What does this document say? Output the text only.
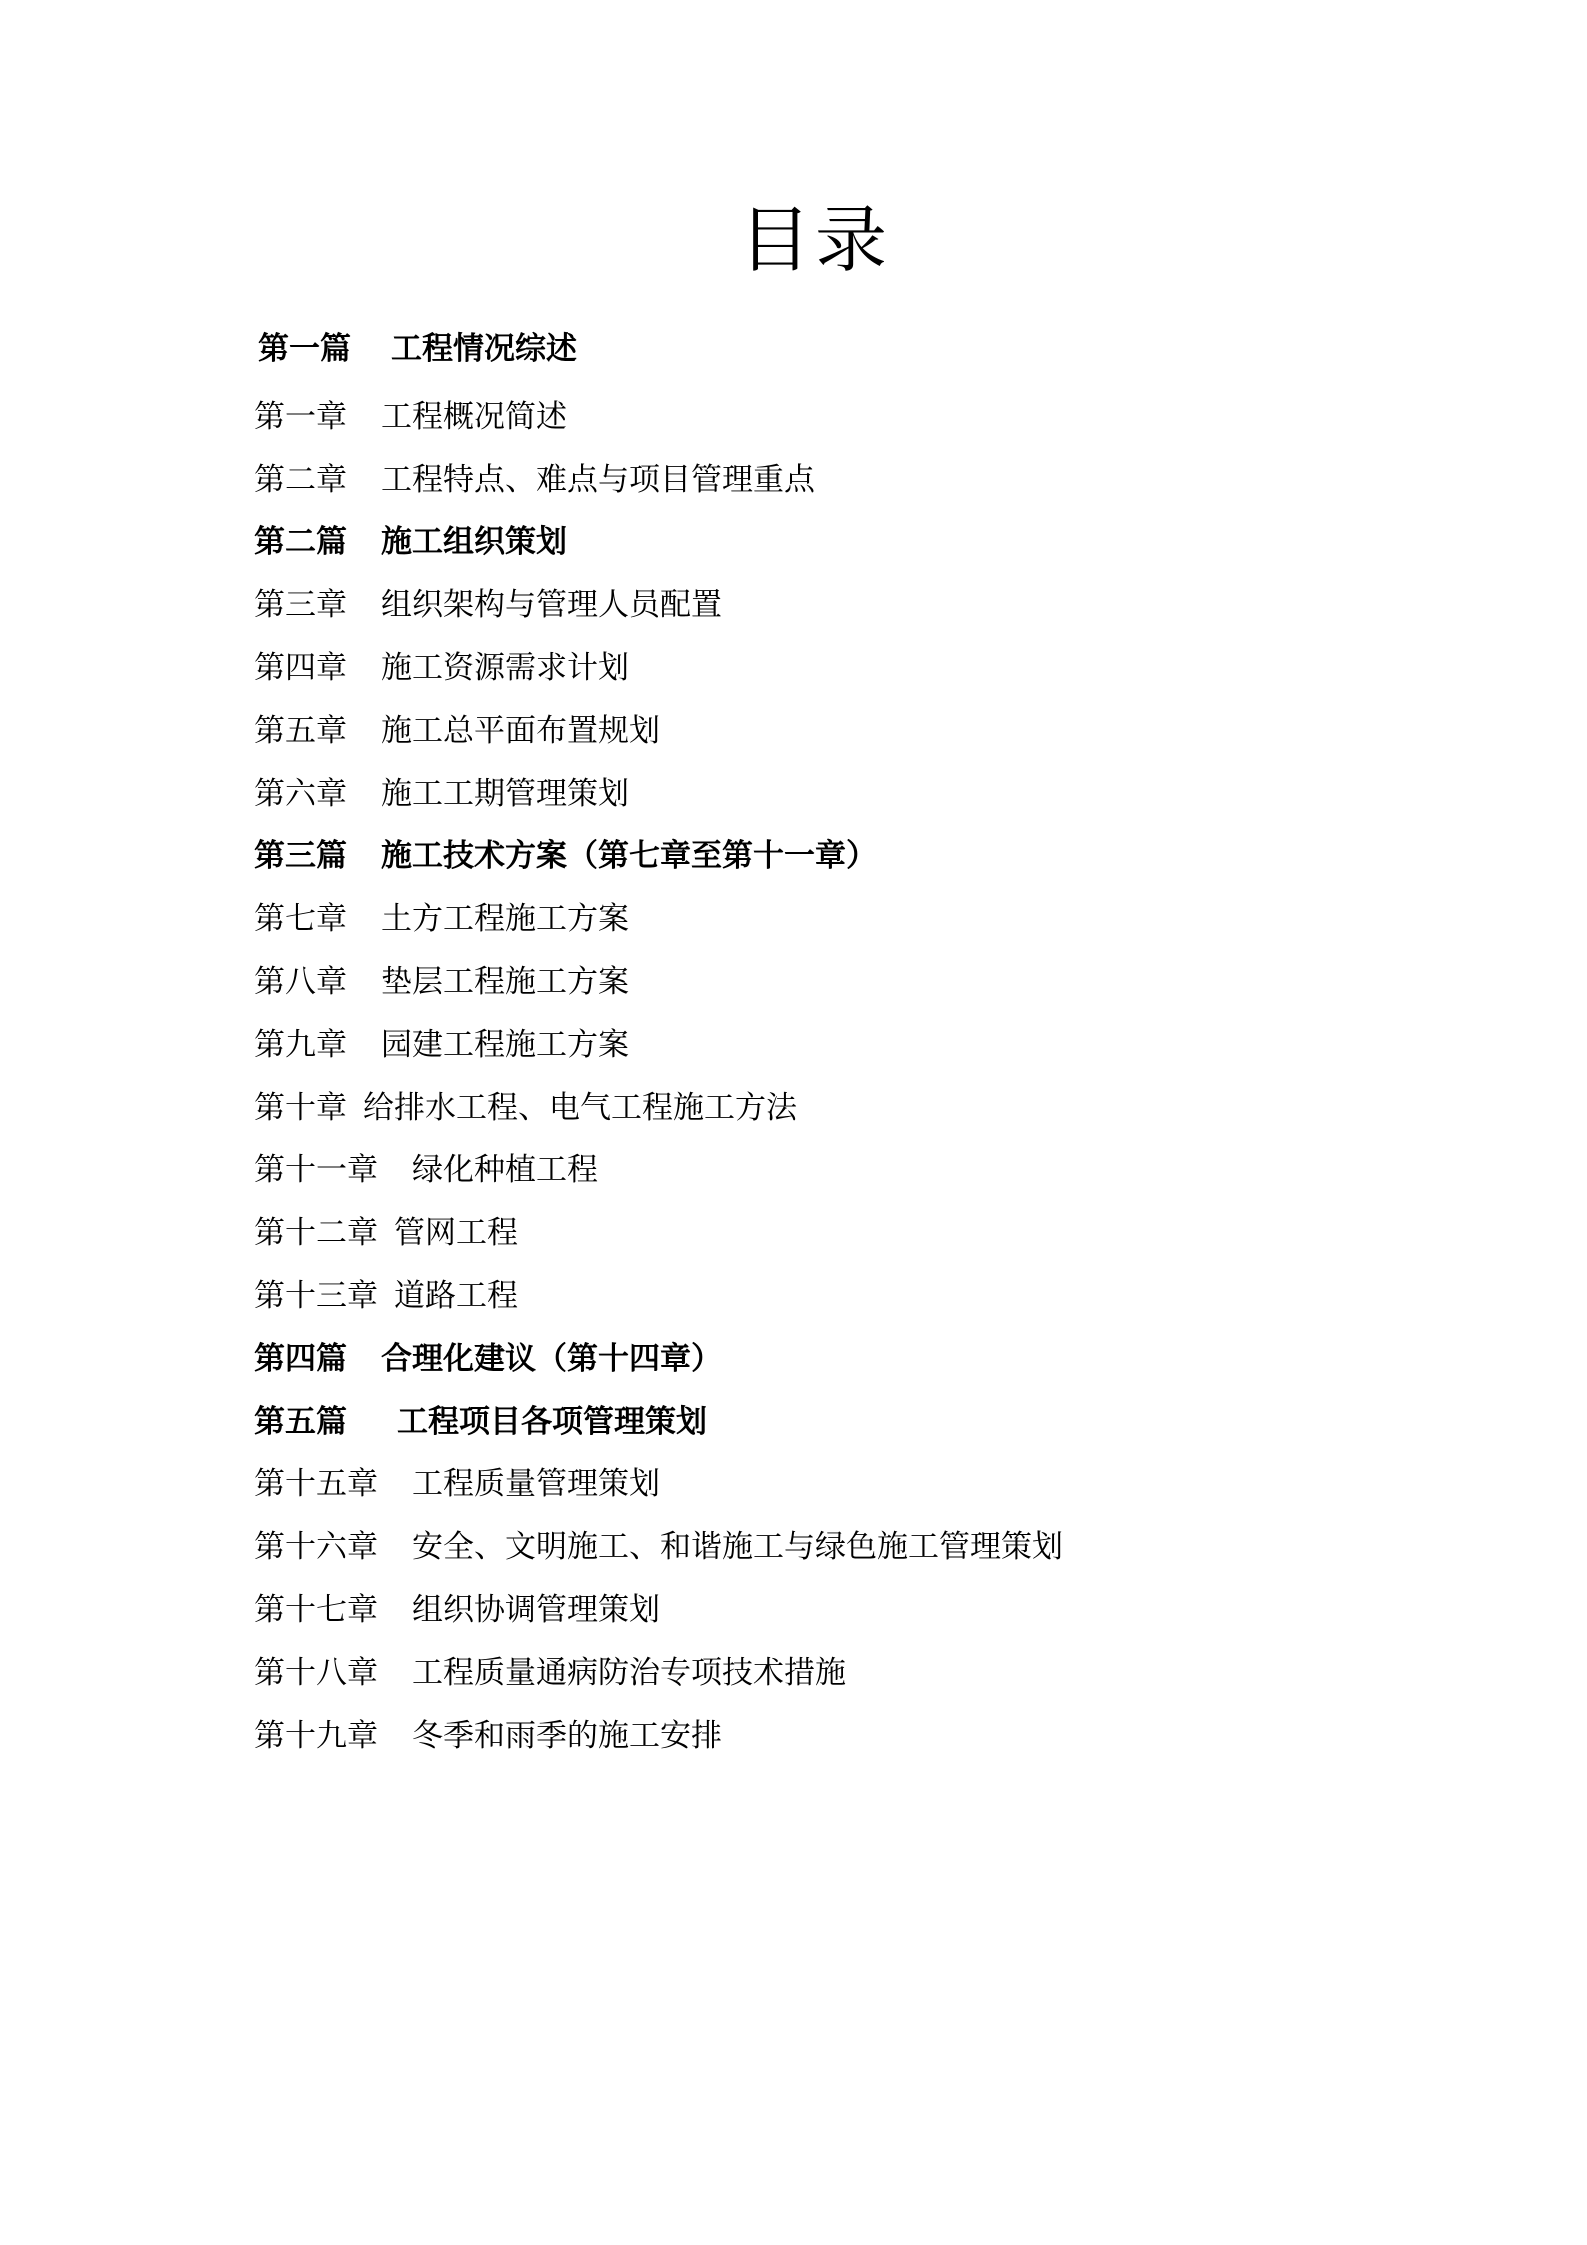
目录
第一篇 工程情况综述
第一章 工程概况简述
第二章 工程特点、难点与项目管理重点
第二篇 施工组织策划
第三章 组织架构与管理人员配置
第四章 施工资源需求计划
第五章 施工总平面布置规划
第六章 施工工期管理策划
第三篇 施工技术方案（第七章至第十一章）
第七章 土方工程施工方案
第八章 垫层工程施工方案
第九章 园建工程施工方案
第十章 给排水工程、电气工程施工方法
第十一章 绿化种植工程
第十二章 管网工程
第十三章 道路工程
第四篇 合理化建议（第十四章）
第五篇 工程项目各项管理策划
第十五章 工程质量管理策划
第十六章 安全、文明施工、和谐施工与绿色施工管理策划
第十七章 组织协调管理策划
第十八章 工程质量通病防治专项技术措施
第十九章 冬季和雨季的施工安排
